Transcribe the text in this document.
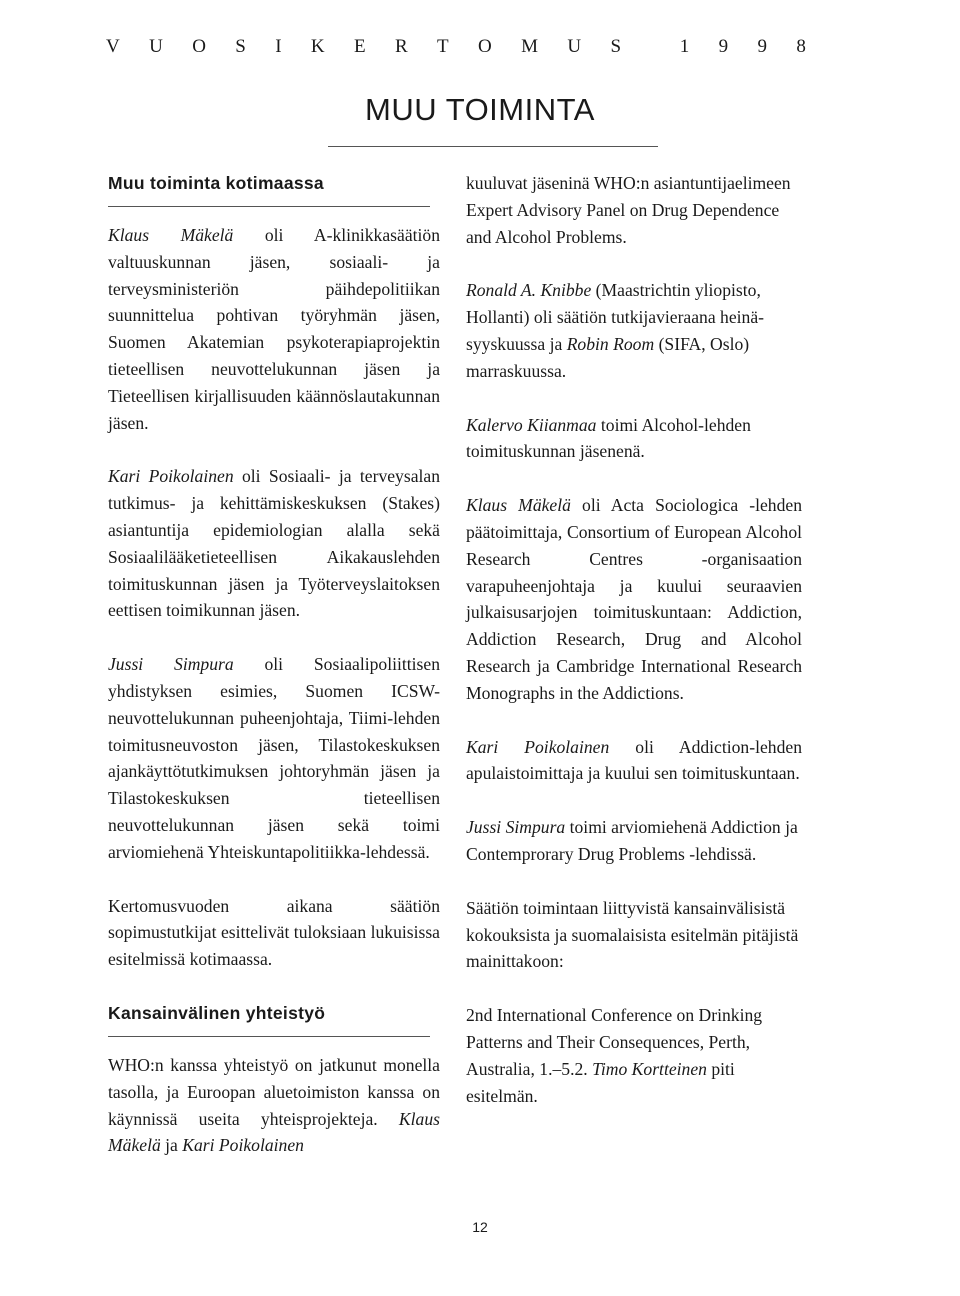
V U O S I K E R T O M U S	1 9 9 8
MUU TOIMINTA
Muu toiminta kotimaassa

Klaus Mäkelä oli A-klinikkasäätiön valtuuskunnan jäsen, sosiaali- ja terveysministeriön päihdepolitiikan suunnittelua pohtivan työryhmän jäsen, Suomen Akatemian psykoterapiaprojektin tieteellisen neuvottelukunnan jäsen ja Tieteellisen kirjallisuuden käännöslautakunnan jäsen.

Kari Poikolainen oli Sosiaali- ja terveysalan tutkimus- ja kehittämiskeskuksen (Stakes) asiantuntija epidemiologian alalla sekä Sosiaalilääketieteellisen Aikakauslehden toimituskunnan jäsen ja Työterveyslaitoksen eettisen toimikunnan jäsen.

Jussi Simpura oli Sosiaalipoliittisen yhdistyksen esimies, Suomen ICSW-neuvottelukunnan puheenjohtaja, Tiimi-lehden toimitusneuvoston jäsen, Tilastokeskuksen ajankäyttötutkimuksen johtoryhmän jäsen ja Tilastokeskuksen tieteellisen neuvottelukunnan jäsen sekä toimi arviomiehenä Yhteiskuntapolitiikka-lehdessä.

Kertomusvuoden aikana säätiön sopimustutkijat esittelivät tuloksiaan lukuisissa esitelmissä kotimaassa.

Kansainvälinen yhteistyö

WHO:n kanssa yhteistyö on jatkunut monella tasolla, ja Euroopan aluetoimiston kanssa on käynnissä useita yhteisprojekteja. Klaus Mäkelä ja Kari Poikolainen

kuuluvat jäseninä WHO:n asiantuntijaelimeen Expert Advisory Panel on Drug Dependence and Alcohol Problems.

Ronald A. Knibbe (Maastrichtin yliopisto, Hollanti) oli säätiön tutkijavieraana heinä-syyskuussa ja Robin Room (SIFA, Oslo) marraskuussa.

Kalervo Kiianmaa toimi Alcohol-lehden toimituskunnan jäsenenä.

Klaus Mäkelä oli Acta Sociologica -lehden päätoimittaja, Consortium of European Alcohol Research Centres -organisaation varapuheenjohtaja ja kuului seuraavien julkaisusarjojen toimituskuntaan: Addiction, Addiction Research, Drug and Alcohol Research ja Cambridge International Research Monographs in the Addictions.

Kari Poikolainen oli Addiction-lehden apulaistoimittaja ja kuului sen toimituskuntaan.

Jussi Simpura toimi arviomiehenä Addiction ja Contemprorary Drug Problems -lehdissä.

Säätiön toimintaan liittyvistä kansainvälisistä kokouksista ja suomalaisista esitelmän pitäjistä mainittakoon:

2nd International Conference on Drinking Patterns and Their Consequences, Perth, Australia, 1.–5.2. Timo Kortteinen piti esitelmän.

12
